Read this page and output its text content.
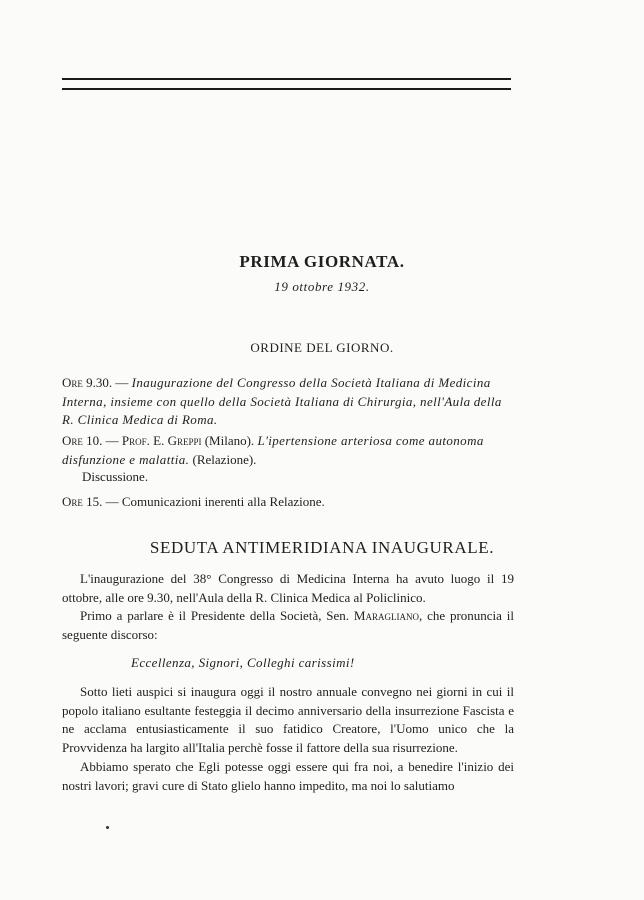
PRIMA GIORNATA.
19 ottobre 1932.
ORDINE DEL GIORNO.
Ore 9.30. — Inaugurazione del Congresso della Società Italiana di Medicina Interna, insieme con quello della Società Italiana di Chirurgia, nell'Aula della R. Clinica Medica di Roma.
Ore 10. — Prof. E. Greppi (Milano). L'ipertensione arteriosa come autonoma disfunzione e malattia. (Relazione).
Discussione.
Ore 15. — Comunicazioni inerenti alla Relazione.
SEDUTA ANTIMERIDIANA INAUGURALE.
L'inaugurazione del 38° Congresso di Medicina Interna ha avuto luogo il 19 ottobre, alle ore 9.30, nell'Aula della R. Clinica Medica al Policlinico.
Primo a parlare è il Presidente della Società, Sen. Maragliano, che pronuncia il seguente discorso:
Eccellenza, Signori, Colleghi carissimi!
Sotto lieti auspici si inaugura oggi il nostro annuale convegno nei giorni in cui il popolo italiano esultante festeggia il decimo anniversario della insurrezione Fascista e ne acclama entusiasticamente il suo fatidico Creatore, l'Uomo unico che la Provvidenza ha largito all'Italia perchè fosse il fattore della sua risurrezione.
Abbiamo sperato che Egli potesse oggi essere qui fra noi, a benedire l'inizio dei nostri lavori; gravi cure di Stato glielo hanno impedito, ma noi lo salutiamo
